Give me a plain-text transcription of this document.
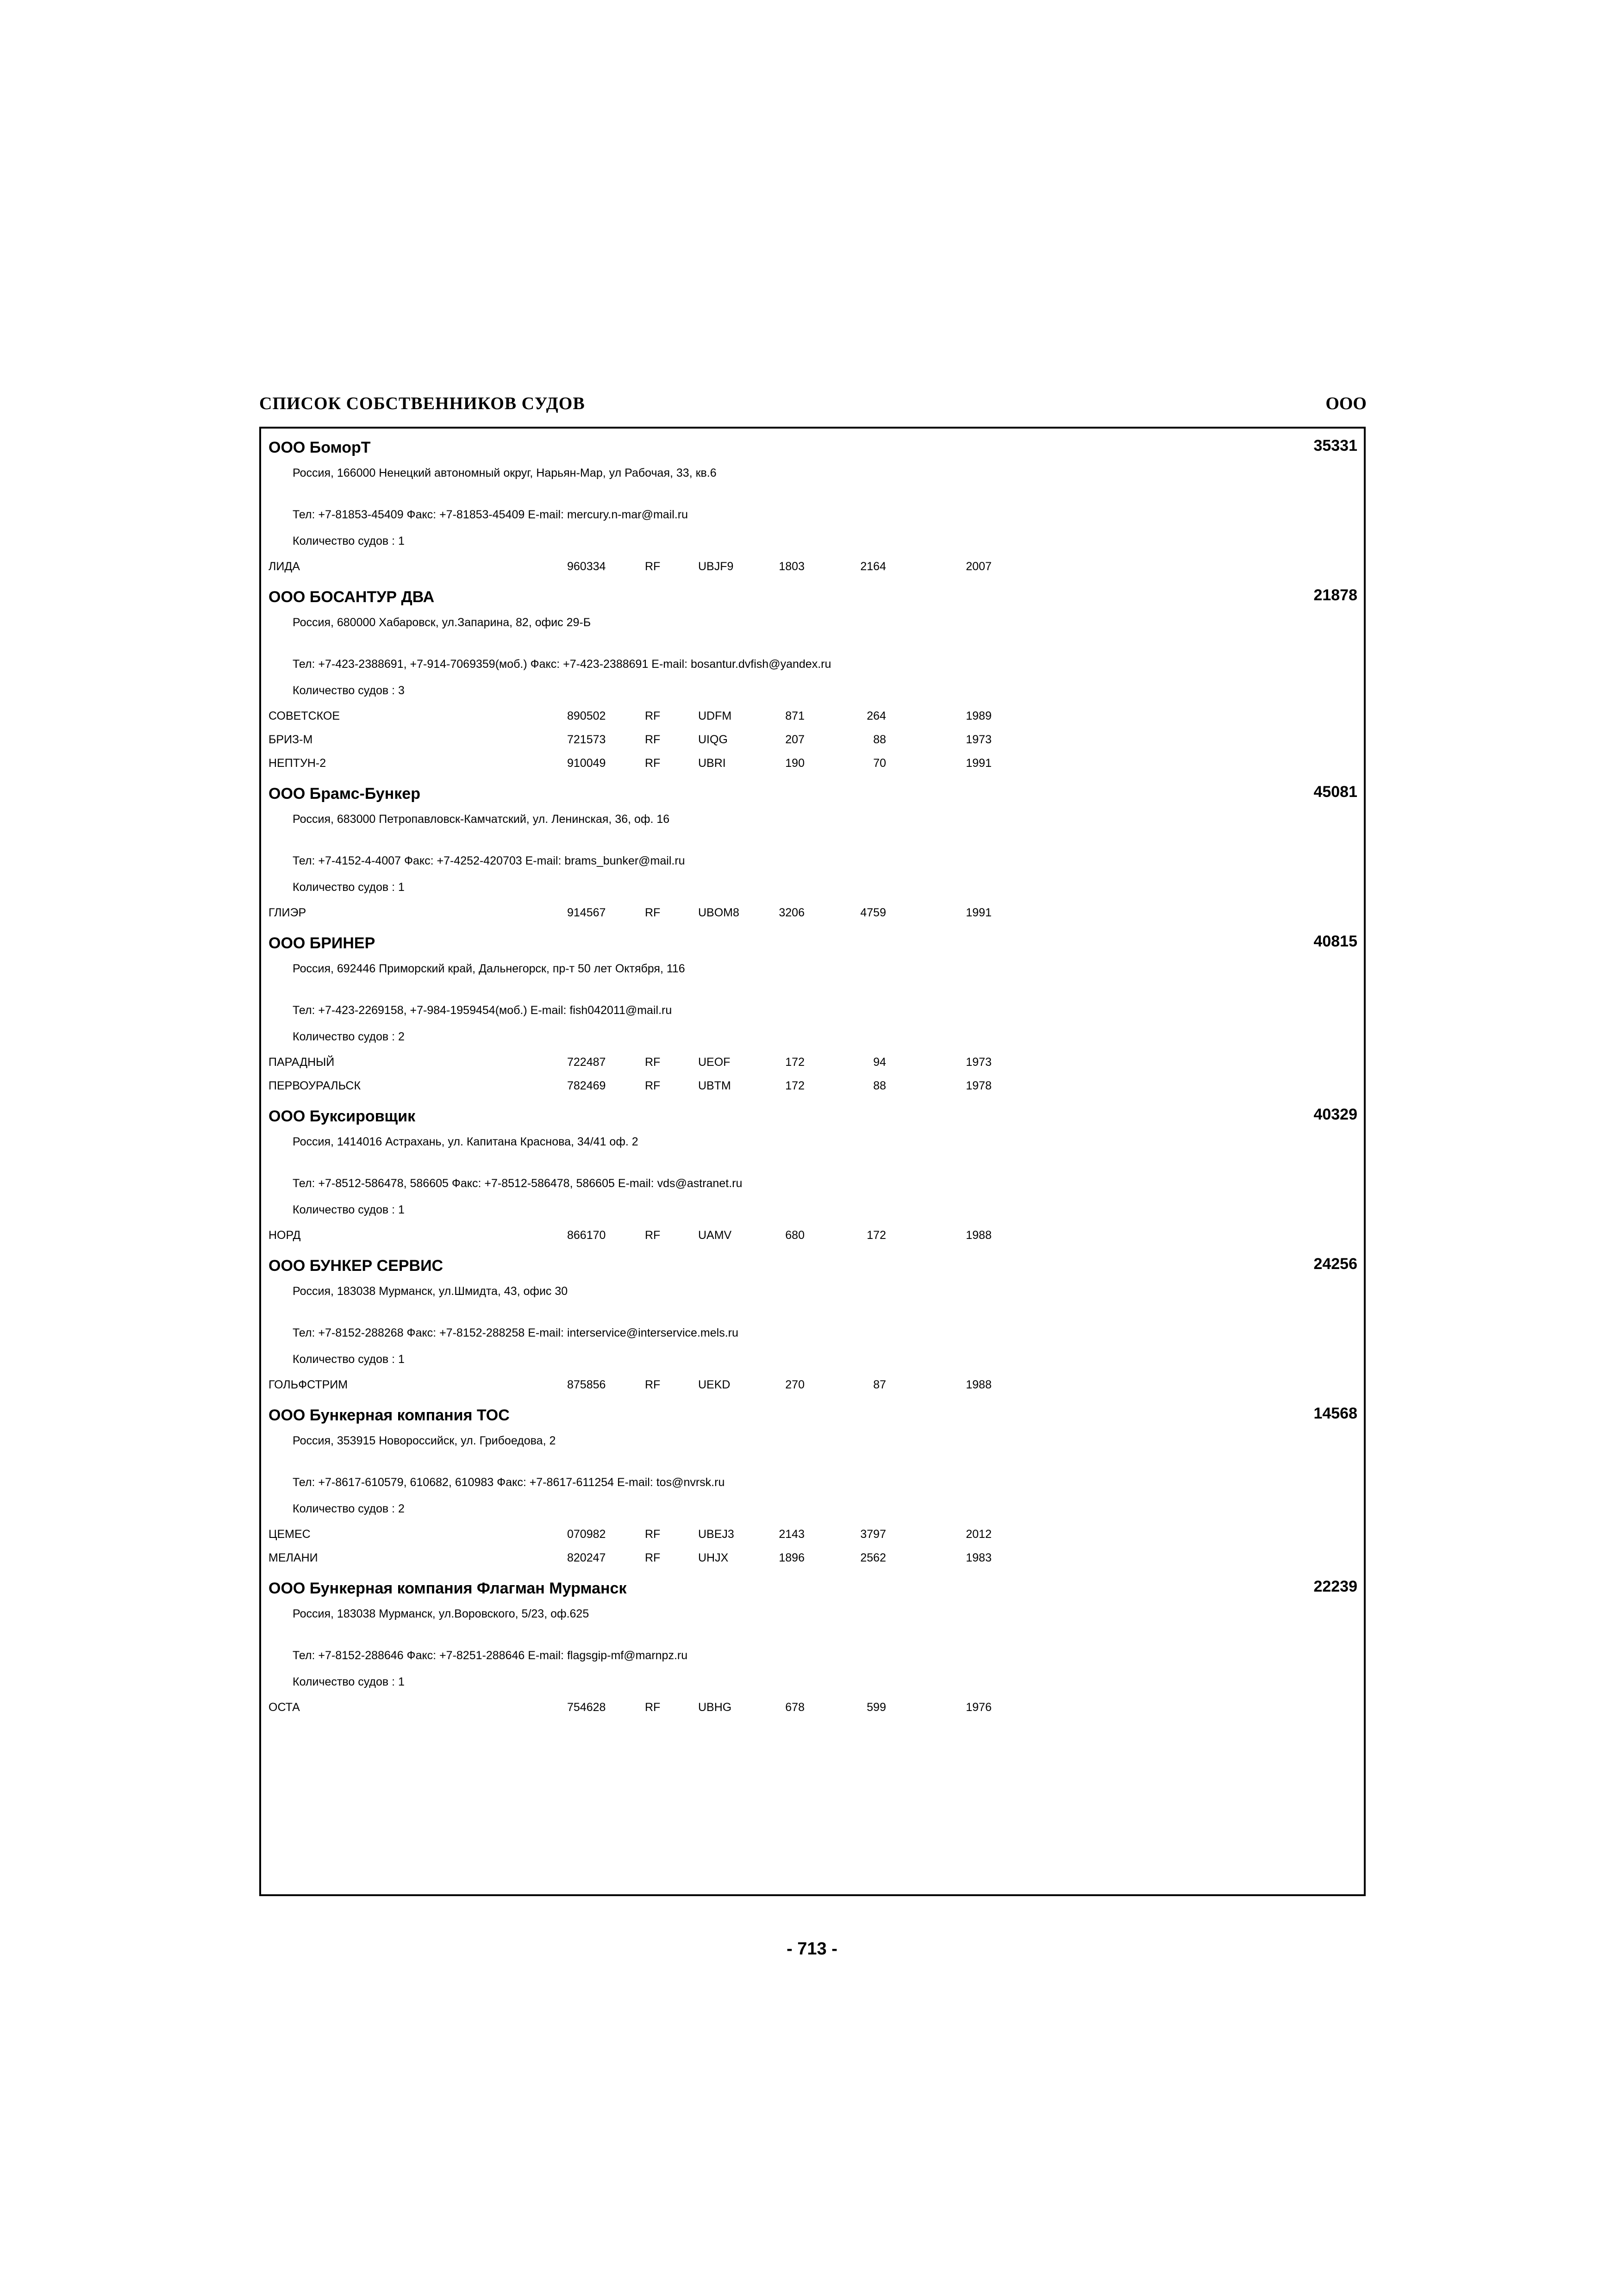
СПИСОК СОБСТВЕННИКОВ СУДОВ	ООО
ООО БоморТ	35331
Россия, 166000 Ненецкий автономный округ, Нарьян-Мар, ул Рабочая, 33, кв.6
Тел: +7-81853-45409 Факс: +7-81853-45409 E-mail: mercury.n-mar@mail.ru
Количество судов : 1
ЛИДА	960334	RF	UBJF9	1803	2164	2007
ООО БОСАНТУР ДВА	21878
Россия, 680000 Хабаровск, ул.Запарина, 82, офис 29-Б
Тел: +7-423-2388691, +7-914-7069359(моб.) Факс: +7-423-2388691 E-mail: bosantur.dvfish@yandex.ru
Количество судов : 3
СОВЕТСКОЕ	890502	RF	UDFM	871	264	1989
БРИЗ-М	721573	RF	UIQG	207	88	1973
НЕПТУН-2	910049	RF	UBRI	190	70	1991
ООО Брамс-Бункер	45081
Россия, 683000 Петропавловск-Камчатский, ул. Ленинская, 36, оф. 16
Тел: +7-4152-4-4007 Факс: +7-4252-420703 E-mail: brams_bunker@mail.ru
Количество судов : 1
ГЛИЭР	914567	RF	UBOM8	3206	4759	1991
ООО БРИНЕР	40815
Россия, 692446 Приморский край, Дальнегорск, пр-т 50 лет Октября, 116
Тел: +7-423-2269158, +7-984-1959454(моб.) E-mail: fish042011@mail.ru
Количество судов : 2
ПАРАДНЫЙ	722487	RF	UEOF	172	94	1973
ПЕРВОУРАЛЬСК	782469	RF	UBTM	172	88	1978
ООО Буксировщик	40329
Россия, 1414016 Астрахань, ул. Капитана Краснова, 34/41 оф. 2
Тел: +7-8512-586478, 586605 Факс: +7-8512-586478, 586605 E-mail: vds@astranet.ru
Количество судов : 1
НОРД	866170	RF	UAMV	680	172	1988
ООО БУНКЕР СЕРВИС	24256
Россия, 183038 Мурманск, ул.Шмидта, 43, офис 30
Тел: +7-8152-288268 Факс: +7-8152-288258 E-mail: interservice@interservice.mels.ru
Количество судов : 1
ГОЛЬФСТРИМ	875856	RF	UEKD	270	87	1988
ООО Бункерная компания ТОС	14568
Россия, 353915 Новороссийск, ул. Грибоедова, 2
Тел: +7-8617-610579, 610682, 610983 Факс: +7-8617-611254 E-mail: tos@nvrsk.ru
Количество судов : 2
ЦЕМЕС	070982	RF	UBEJ3	2143	3797	2012
МЕЛАНИ	820247	RF	UHJX	1896	2562	1983
ООО Бункерная компания Флагман Мурманск	22239
Россия, 183038 Мурманск, ул.Воровского, 5/23, оф.625
Тел: +7-8152-288646 Факс: +7-8251-288646 E-mail: flagsgip-mf@marnpz.ru
Количество судов : 1
ОСТА	754628	RF	UBHG	678	599	1976
- 713 -
